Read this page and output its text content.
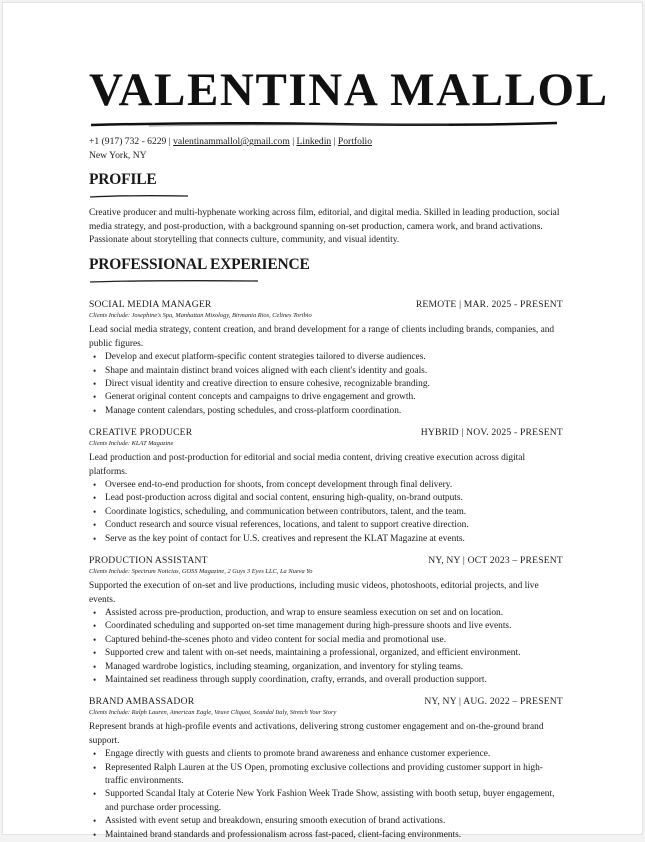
VALENTINA MALLOL
+1 (917) 732 - 6229 | valentinammallol@gmail.com | Linkedin | Portfolio
New York, NY
PROFILE

Creative producer and multi-hyphenate working across film, editorial, and digital media. Skilled in leading production, social media strategy, and post-production, with a background spanning on-set production, camera work, and brand activations. Passionate about storytelling that connects culture, community, and visual identity.

PROFESSIONAL EXPERIENCE
SOCIAL MEDIA MANAGER	REMOTE | MAR. 2025 - PRESENT
Clients Include: Josephine's Spa, Manhattan Mixology, Birmania Rios, Celines Toribio

Lead social media strategy, content creation, and brand development for a range of clients including brands, companies, and public figures.

• Develop and execut platform-specific content strategies tailored to diverse audiences.
• Shape and maintain distinct brand voices aligned with each client's identity and goals.
• Direct visual identity and creative direction to ensure cohesive, recognizable branding.
• Generat original content concepts and campaigns to drive engagement and growth.
• Manage content calendars, posting schedules, and cross-platform coordination.
CREATIVE PRODUCER	HYBRID | NOV. 2025 - PRESENT
Clients Include: KLAT Magazine

Lead production and post-production for editorial and social media content, driving creative execution across digital platforms.

• Oversee end-to-end production for shoots, from concept development through final delivery.
• Lead post-production across digital and social content, ensuring high-quality, on-brand outputs.
• Coordinate logistics, scheduling, and communication between contributors, talent, and the team.
• Conduct research and source visual references, locations, and talent to support creative direction.
• Serve as the key point of contact for U.S. creatives and represent the KLAT Magazine at events.
PRODUCTION ASSISTANT	NY, NY | OCT 2023 – PRESENT
Clients Include: Spectrum Noticias, GOSS Magazine, 2 Guys 3 Eyes LLC, La Nueva Yo

Supported the execution of on-set and live productions, including music videos, photoshoots, editorial projects, and live events.

• Assisted across pre-production, production, and wrap to ensure seamless execution on set and on location.
• Coordinated scheduling and supported on-set time management during high-pressure shoots and live events.
• Captured behind-the-scenes photo and video content for social media and promotional use.
• Supported crew and talent with on-set needs, maintaining a professional, organized, and efficient environment.
• Managed wardrobe logistics, including steaming, organization, and inventory for styling teams.
• Maintained set readiness through supply coordination, crafty, errands, and overall production support.
BRAND AMBASSADOR	NY, NY | AUG. 2022 – PRESENT
Clients Include: Ralph Lauren, American Eagle, Veuve Cliquot, Scandal Italy, Stretch Your Story

Represent brands at high-profile events and activations, delivering strong customer engagement and on-the-ground brand support.

• Engage directly with guests and clients to promote brand awareness and enhance customer experience.
• Represented Ralph Lauren at the US Open, promoting exclusive collections and providing customer support in high-traffic environments.
• Supported Scandal Italy at Coterie New York Fashion Week Trade Show, assisting with booth setup, buyer engagement, and purchase order processing.
• Assisted with event setup and breakdown, ensuring smooth execution of brand activations.
• Maintained brand standards and professionalism across fast-paced, client-facing environments.
